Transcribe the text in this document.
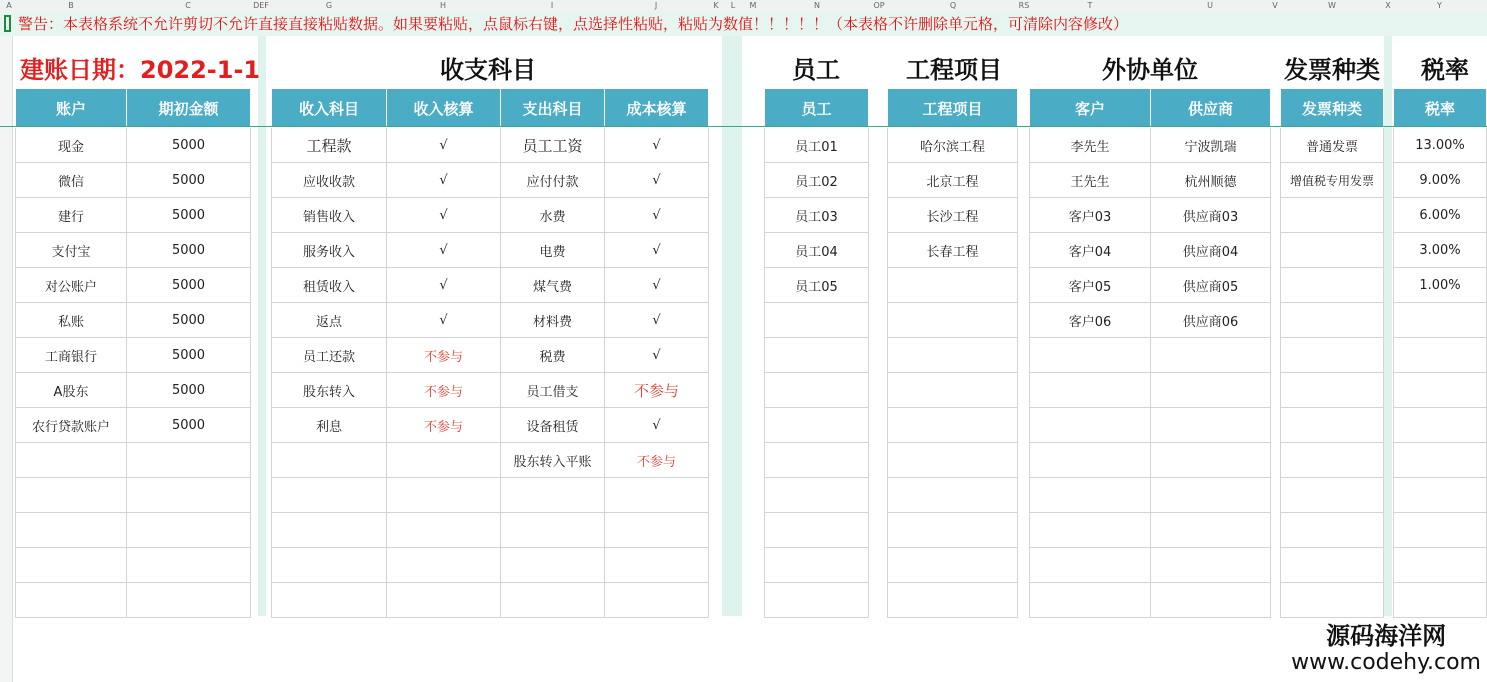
A	B	C	DEF	G	H	I	J	K	L	M	N	OP	Q	RS	T	U	V	W	X	Y
警告：本表格系统不允许剪切不允许直接直接粘贴数据。如果要粘贴，点鼠标右键，点选择性粘贴，粘贴为数值！！！！！（本表格不许删除单元格，可清除内容修改）
建账日期：2022-1-1	收支科目	员工	工程项目	外协单位	发票种类 税率
账户	期初金额
现金	5000
微信	5000
建行	5000
支付宝	5000
对公账户	5000
私账	5000
工商银行	5000
A股东	5000
农行贷款账户	5000

收入科目	收入核算	支出科目	成本核算
工程款	√	员工工资	√
应收收款	√	应付付款	√
销售收入	√	水费	√
服务收入	√	电费	√
租赁收入	√	煤气费	√
返点	√	材料费	√
员工还款	不参与	税费	√
股东转入	不参与	员工借支	不参与
利息	不参与	设备租赁	√
		股东转入平账	不参与

员工
员工01
员工02
员工03
员工04
员工05

工程项目
哈尔滨工程
北京工程
长沙工程
长春工程

客户	供应商
李先生	宁波凯瑞
王先生	杭州顺德
客户03	供应商03
客户04	供应商04
客户05	供应商05
客户06	供应商06

发票种类
普通发票
增值税专用发票

税率
13.00%
9.00%
6.00%
3.00%
1.00%

源码海洋网
www.codehy.com
